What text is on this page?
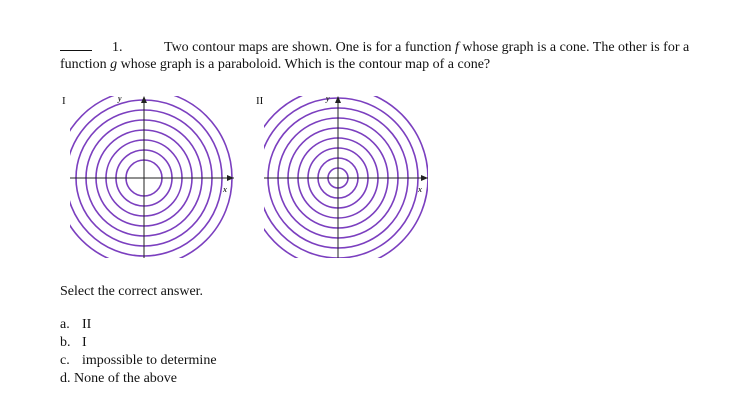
1.	Two contour maps are shown. One is for a function f whose graph is a cone. The other is for a function g whose graph is a paraboloid. Which is the contour map of a cone?
I	y
x
II	y
x
Select the correct answer.
a. II
b. I
c. impossible to determine
d. None of the above
